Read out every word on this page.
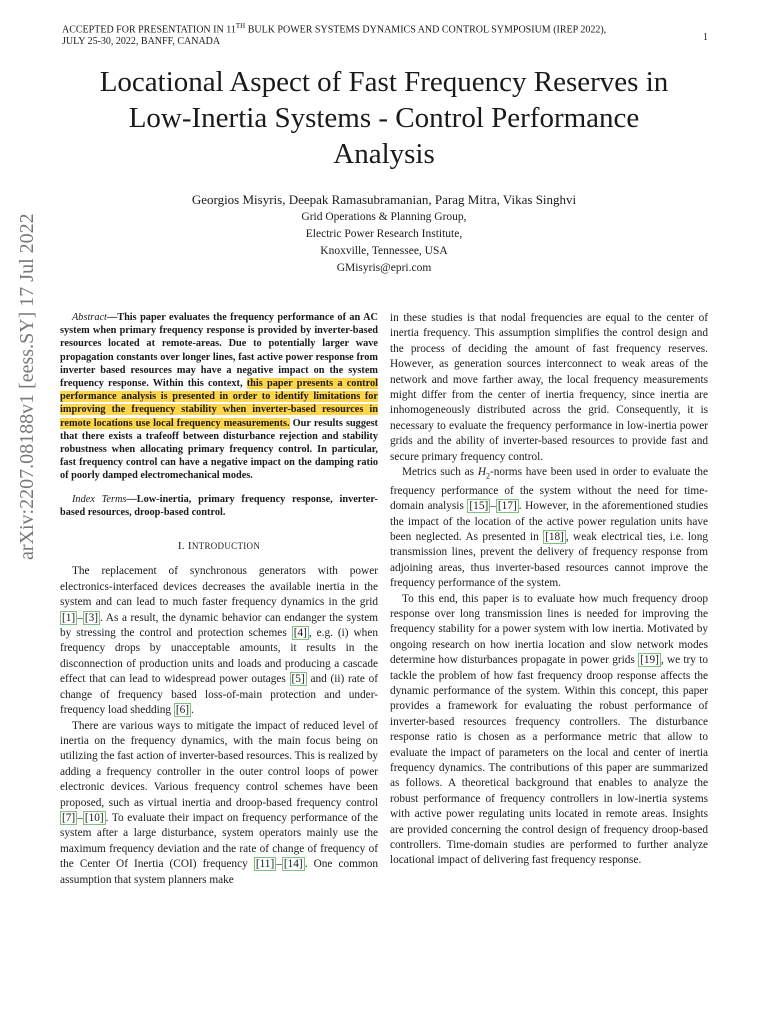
ACCEPTED FOR PRESENTATION IN 11TH BULK POWER SYSTEMS DYNAMICS AND CONTROL SYMPOSIUM (IREP 2022),
JULY 25-30, 2022, BANFF, CANADA	1
arXiv:2207.08188v1 [eess.SY] 17 Jul 2022
Locational Aspect of Fast Frequency Reserves in
Low-Inertia Systems - Control Performance
Analysis
Georgios Misyris, Deepak Ramasubramanian, Parag Mitra, Vikas Singhvi
Grid Operations & Planning Group,
Electric Power Research Institute,
Knoxville, Tennessee, USA
GMisyris@epri.com

Abstract—This paper evaluates the frequency performance of an AC system when primary frequency response is provided by inverter-based resources located at remote-areas. Due to potentially larger wave propagation constants over longer lines, fast active power response from inverter based resources may have a negative impact on the system frequency response. Within this context, this paper presents a control performance analysis is presented in order to identify limitations for improving the frequency stability when inverter-based resources in remote locations use local frequency measurements. Our results suggest that there exists a trafeoff between disturbance rejection and stability robustness when allocating primary frequency control. In particular, fast frequency control can have a negative impact on the damping ratio of poorly damped electromechanical modes.

Index Terms—Low-inertia, primary frequency response, inverter-based resources, droop-based control.

I. INTRODUCTION

The replacement of synchronous generators with power electronics-interfaced devices decreases the available inertia in the system and can lead to much faster frequency dynamics in the grid [1] – [3] . As a result, the dynamic behavior can endanger the system by stressing the control and protection schemes [4] , e.g. (i) when frequency drops by unacceptable amounts, it results in the disconnection of production units and loads and producing a cascade effect that can lead to widespread power outages [5] and (ii) rate of change of frequency based loss-of-main protection and under-frequency load shedding [6] .

There are various ways to mitigate the impact of reduced level of inertia on the frequency dynamics, with the main focus being on utilizing the fast action of inverter-based resources. This is realized by adding a frequency controller in the outer control loops of power electronic devices. Various frequency control schemes have been proposed, such as virtual inertia and droop-based frequency control [7] – [10] . To evaluate their impact on frequency performance of the system after a large disturbance, system operators mainly use the maximum frequency deviation and the rate of change of frequency of the Center Of Inertia (COI) frequency [11] – [14] . One common assumption that system planners make

in these studies is that nodal frequencies are equal to the center of inertia frequency. This assumption simplifies the control design and the process of deciding the amount of fast frequency reserves. However, as generation sources interconnect to weak areas of the network and move farther away, the local frequency measurements might differ from the center of inertia frequency, since inertia are inhomogeneously distributed across the grid. Consequently, it is necessary to evaluate the frequency performance in low-inertia power grids and the ability of inverter-based resources to provide fast and secure primary frequency control.

Metrics such as $H_2$-norms have been used in order to evaluate the frequency performance of the system without the need for time-domain analysis [15] – [17] . However, in the aforementioned studies the impact of the location of the active power regulation units have been neglected. As presented in [18] , weak electrical ties, i.e. long transmission lines, prevent the delivery of frequency response from adjoining areas, thus inverter-based resources cannot improve the frequency performance of the system.

To this end, this paper is to evaluate how much frequency droop response over long transmission lines is needed for improving the frequency stability for a power system with low inertia. Motivated by ongoing research on how inertia location and slow network modes determine how disturbances propagate in power grids [19] , we try to tackle the problem of how fast frequency droop response affects the dynamic performance of the system. Within this concept, this paper provides a framework for evaluating the robust performance of inverter-based resources frequency controllers. The disturbance response ratio is chosen as a performance metric that allow to evaluate the impact of parameters on the local and center of inertia frequency dynamics. The contributions of this paper are summarized as follows. A theoretical background that enables to analyze the robust performance of frequency controllers in low-inertia systems with active power regulating units located in remote areas. Insights are provided concerning the control design of frequency droop-based controllers. Time-domain studies are performed to further analyze locational impact of delivering fast frequency response.
